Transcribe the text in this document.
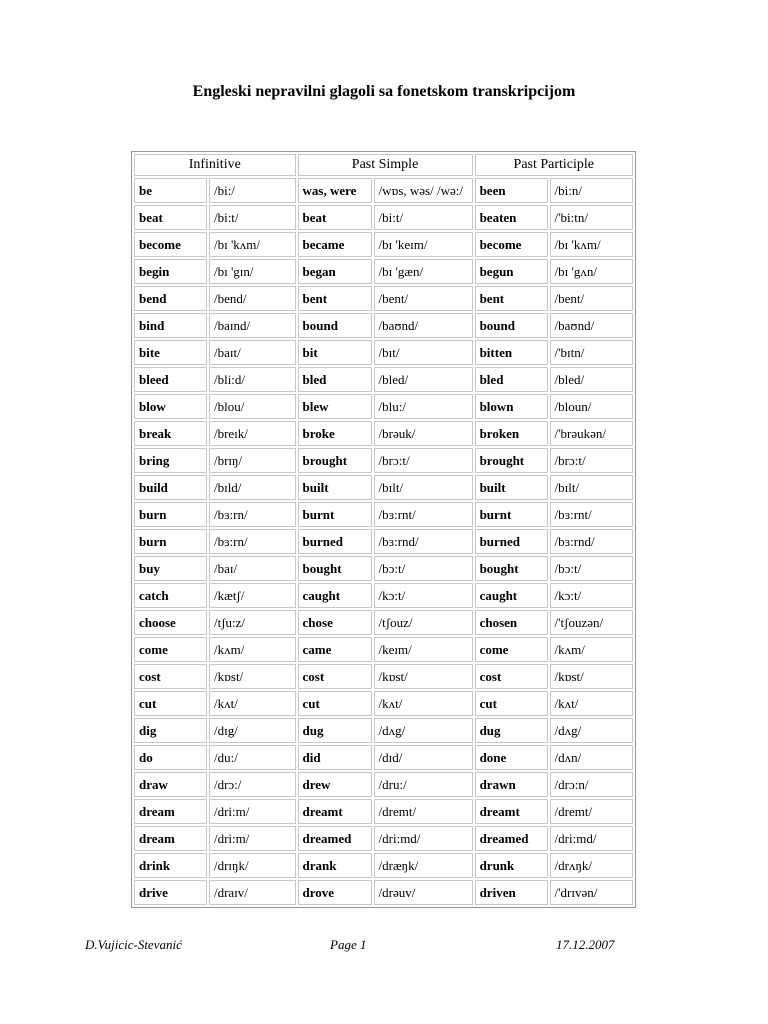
Engleski nepravilni glagoli sa fonetskom transkripcijom
Infinitive		Past Simple		Past Participle	
be	/bi:/	was, were	/wɒs, wəs/ /wə:/	been	/bi:n/
beat	/bi:t/	beat	/bi:t/	beaten	/'bi:tn/
become	/bɪ 'kʌm/	became	/bɪ 'keɪm/	become	/bɪ 'kʌm/
begin	/bɪ 'gɪn/	began	/bɪ 'gæn/	begun	/bɪ 'gʌn/
bend	/bend/	bent	/bent/	bent	/bent/
bind	/baɪnd/	bound	/baʊnd/	bound	/baʊnd/
bite	/baɪt/	bit	/bɪt/	bitten	/'bɪtn/
bleed	/bli:d/	bled	/bled/	bled	/bled/
blow	/blou/	blew	/blu:/	blown	/bloun/
break	/breɪk/	broke	/brəuk/	broken	/'brəukən/
bring	/brɪŋ/	brought	/brɔ:t/	brought	/brɔ:t/
build	/bɪld/	built	/bɪlt/	built	/bɪlt/
burn	/bɜ:rn/	burnt	/bɜ:rnt/	burnt	/bɜ:rnt/
burn	/bɜ:rn/	burned	/bɜ:rnd/	burned	/bɜ:rnd/
buy	/baɪ/	bought	/bɔ:t/	bought	/bɔ:t/
catch	/kætʃ/	caught	/kɔ:t/	caught	/kɔ:t/
choose	/tʃu:z/	chose	/tʃouz/	chosen	/'tʃouzən/
come	/kʌm/	came	/keɪm/	come	/kʌm/
cost	/kɒst/	cost	/kɒst/	cost	/kɒst/
cut	/kʌt/	cut	/kʌt/	cut	/kʌt/
dig	/dɪg/	dug	/dʌg/	dug	/dʌg/
do	/du:/	did	/dɪd/	done	/dʌn/
draw	/drɔ:/	drew	/dru:/	drawn	/drɔ:n/
dream	/dri:m/	dreamt	/dremt/	dreamt	/dremt/
dream	/dri:m/	dreamed	/dri:md/	dreamed	/dri:md/
drink	/drɪŋk/	drank	/dræŋk/	drunk	/drʌŋk/
drive	/draɪv/	drove	/drəuv/	driven	/'drɪvən/
D.Vujicic-Stevanić	Page 1	17.12.2007
